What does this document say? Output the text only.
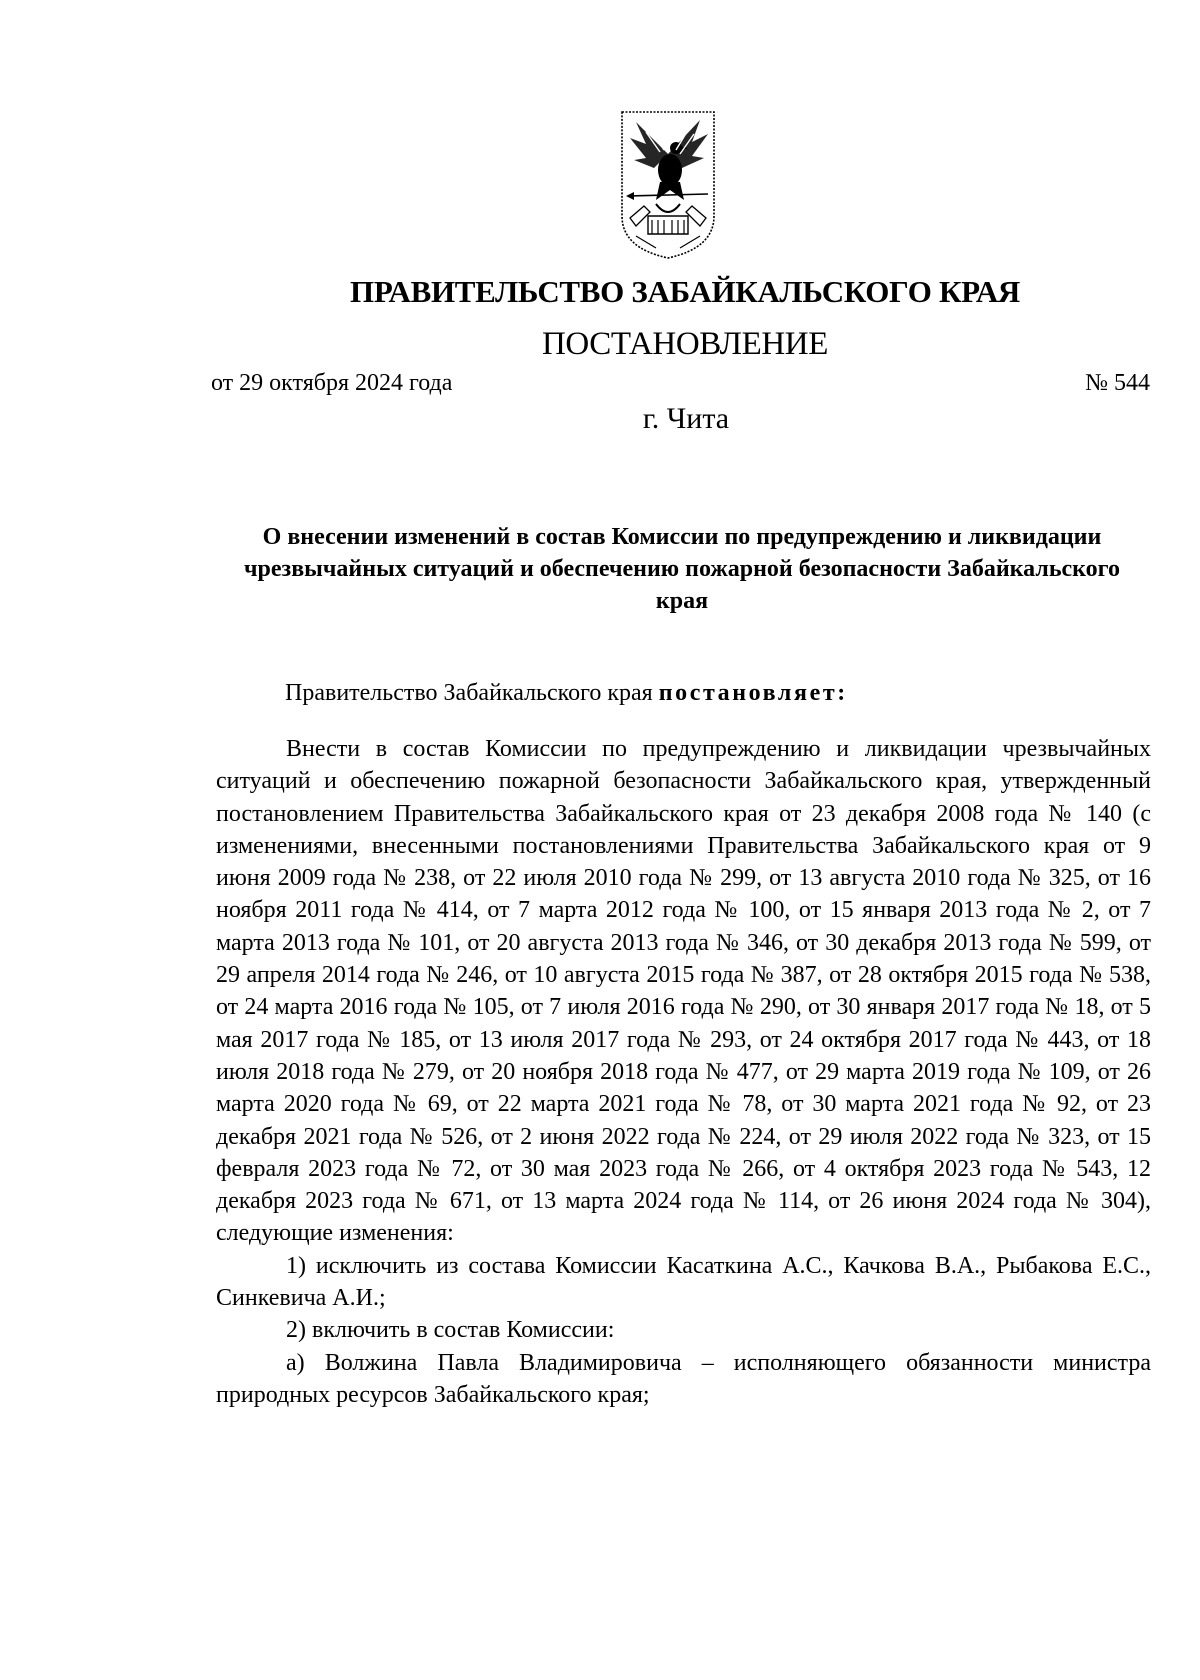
ПРАВИТЕЛЬСТВО ЗАБАЙКАЛЬСКОГО КРАЯ
ПОСТАНОВЛЕНИЕ
от 29 октября 2024 года	№ 544
г. Чита
О внесении изменений в состав Комиссии по предупреждению и ликвидации чрезвычайных ситуаций и обеспечению пожарной безопасности Забайкальского края
Правительство Забайкальского края постановляет:

Внести в состав Комиссии по предупреждению и ликвидации чрезвычайных ситуаций и обеспечению пожарной безопасности Забайкальского края, утвержденный постановлением Правительства Забайкальского края от 23 декабря 2008 года № 140 (с изменениями, внесенными постановлениями Правительства Забайкальского края от 9 июня 2009 года № 238, от 22 июля 2010 года № 299, от 13 августа 2010 года № 325, от 16 ноября 2011 года № 414, от 7 марта 2012 года № 100, от 15 января 2013 года № 2, от 7 марта 2013 года № 101, от 20 августа 2013 года № 346, от 30 декабря 2013 года № 599, от 29 апреля 2014 года № 246, от 10 августа 2015 года № 387, от 28 октября 2015 года № 538, от 24 марта 2016 года № 105, от 7 июля 2016 года № 290, от 30 января 2017 года № 18, от 5 мая 2017 года № 185, от 13 июля 2017 года № 293, от 24 октября 2017 года № 443, от 18 июля 2018 года № 279, от 20 ноября 2018 года № 477, от 29 марта 2019 года № 109, от 26 марта 2020 года № 69, от 22 марта 2021 года № 78, от 30 марта 2021 года № 92, от 23 декабря 2021 года № 526, от 2 июня 2022 года № 224, от 29 июля 2022 года № 323, от 15 февраля 2023 года № 72, от 30 мая 2023 года № 266, от 4 октября 2023 года № 543, 12 декабря 2023 года № 671, от 13 марта 2024 года № 114, от 26 июня 2024 года № 304), следующие изменения:

1) исключить из состава Комиссии Касаткина А.С., Качкова В.А., Рыбакова Е.С., Синкевича А.И.;

2) включить в состав Комиссии:

а) Волжина Павла Владимировича – исполняющего обязанности министра природных ресурсов Забайкальского края;
